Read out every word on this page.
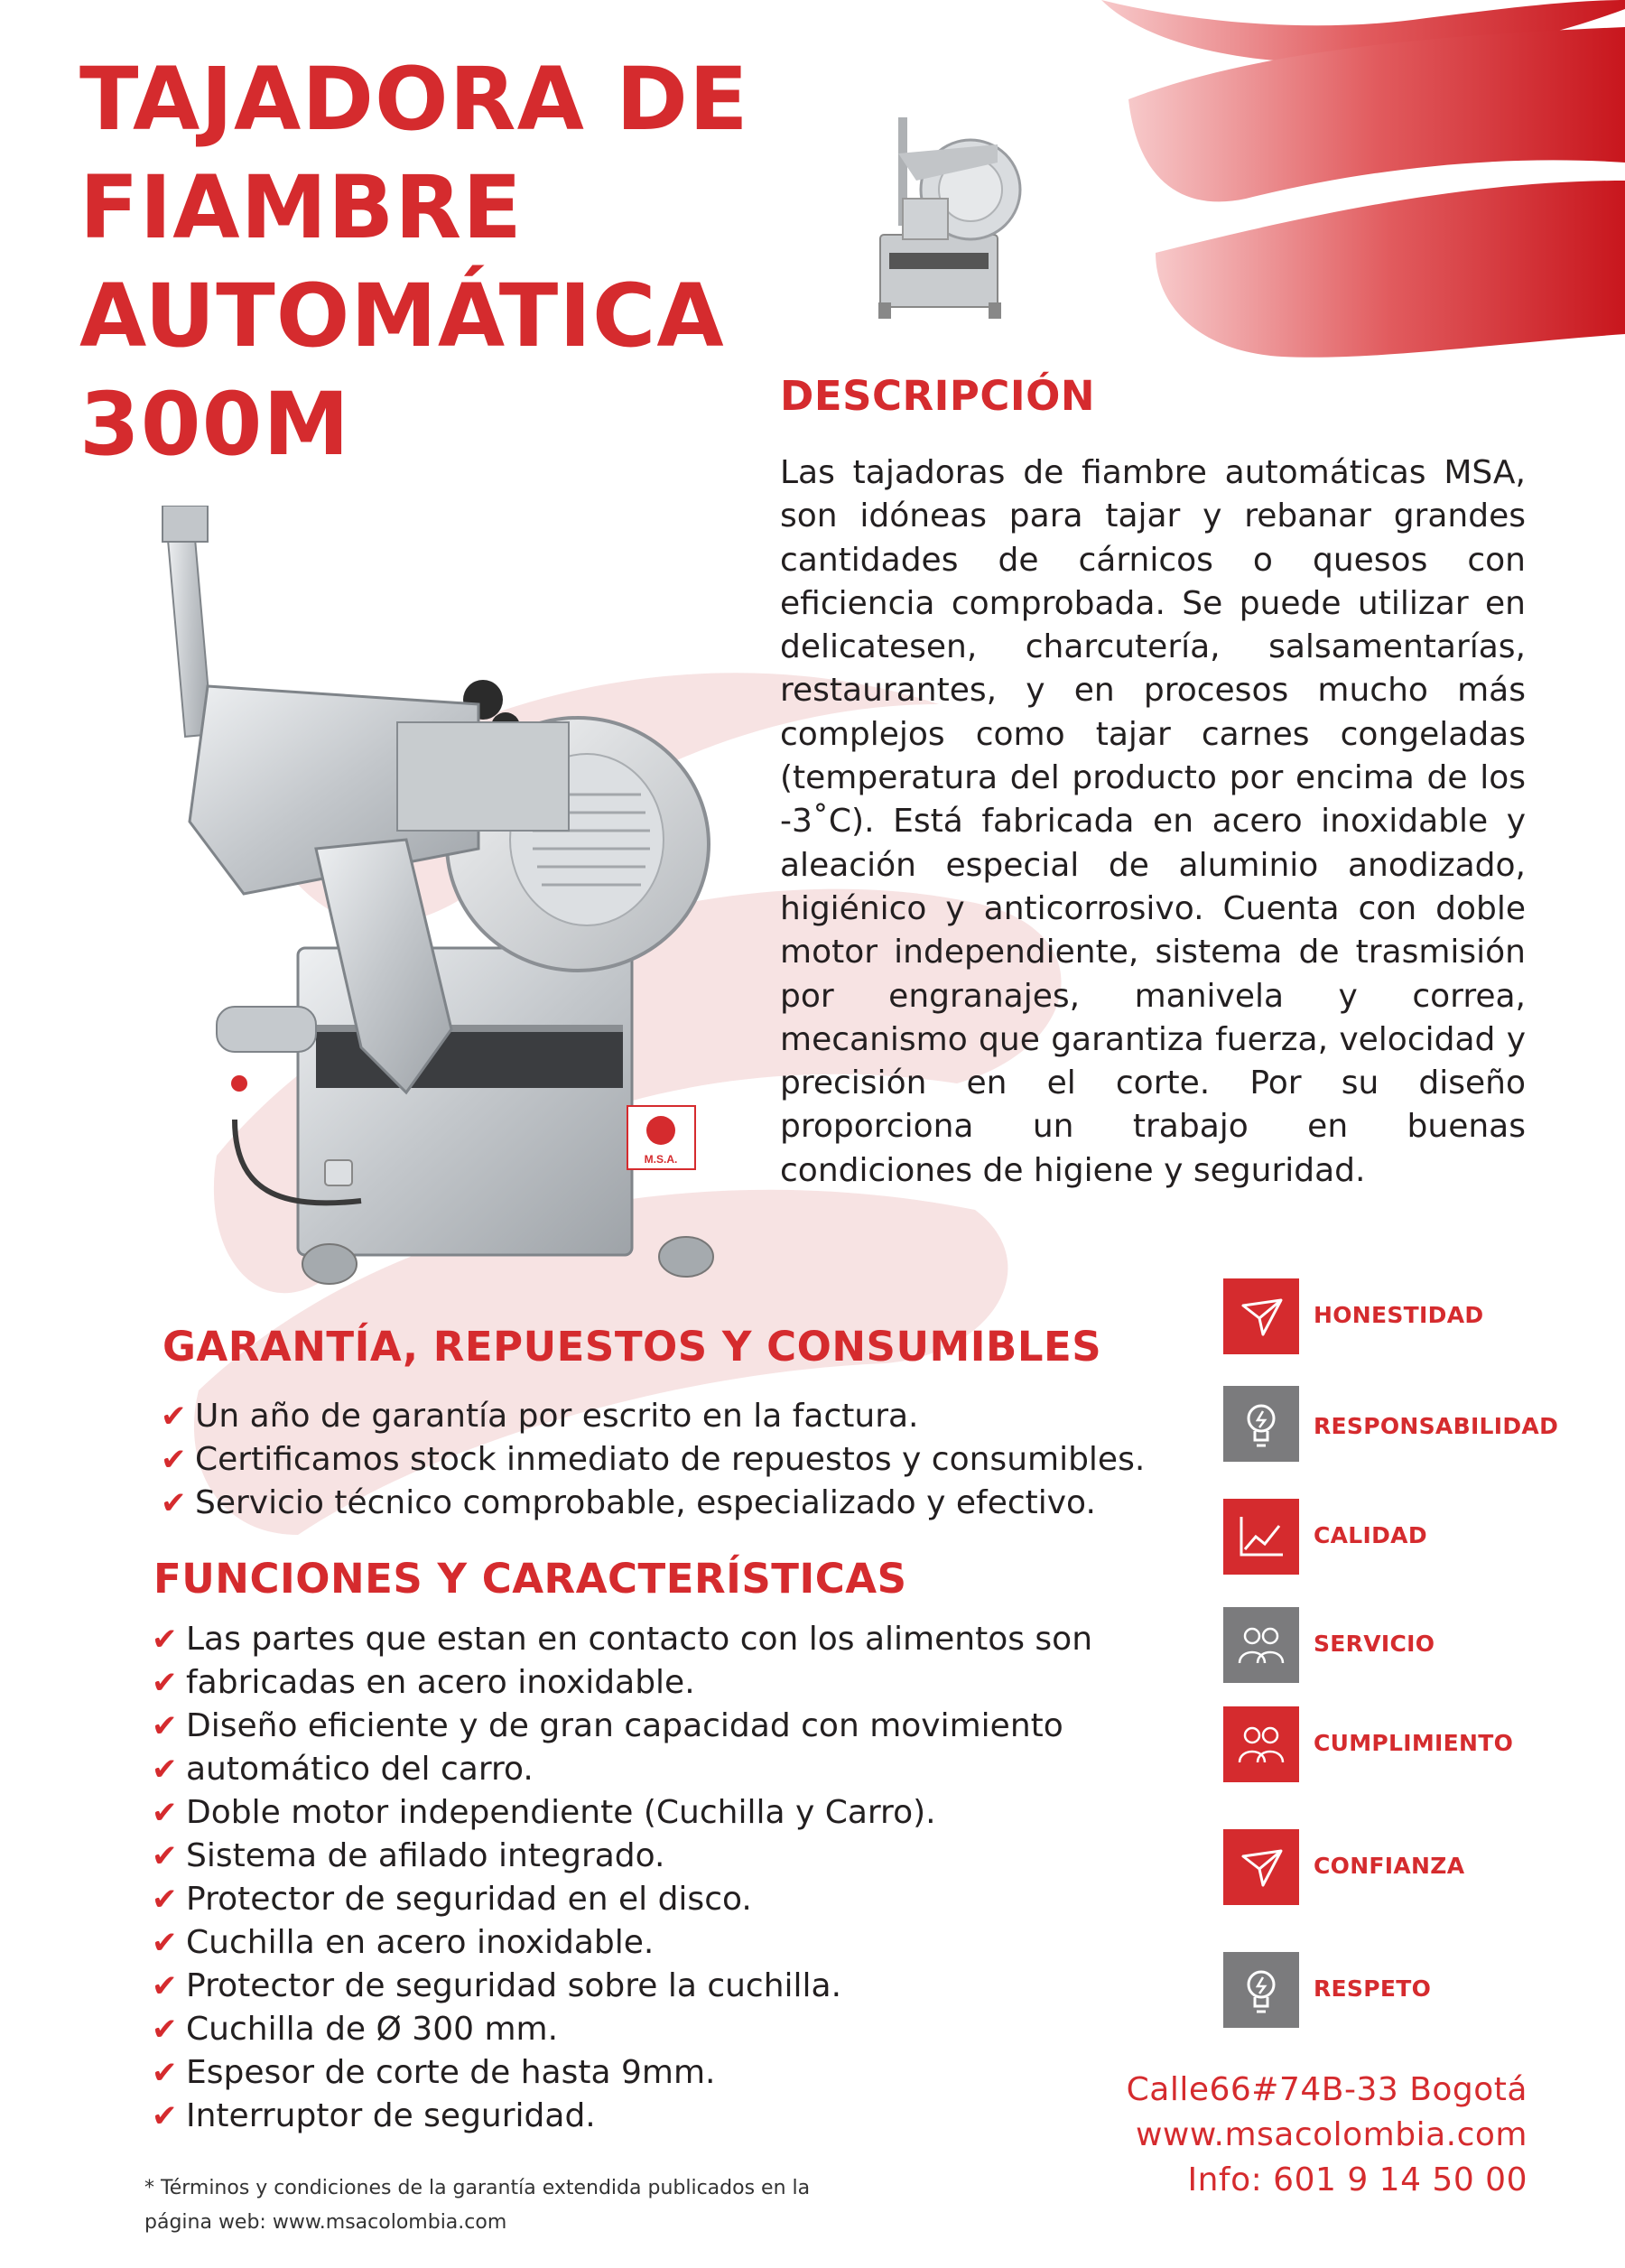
TAJADORA DE
FIAMBRE
AUTOMÁTICA
300M
M.S.A.
DESCRIPCIÓN

Las tajadoras de fiambre automáticas MSA, son idóneas para tajar y rebanar grandes cantidades de cárnicos o quesos con eficiencia comprobada. Se puede utilizar en delicatesen, charcutería, salsamentarías, restaurantes, y en procesos mucho más complejos como tajar carnes congeladas (temperatura del producto por encima de los -3˚C). Está fabricada en acero inoxidable y aleación especial de aluminio anodizado, higiénico y anticorrosivo. Cuenta con doble motor independiente, sistema de trasmisión por engranajes, manivela y correa, mecanismo que garantiza fuerza, velocidad y precisión en el corte. Por su diseño proporciona un trabajo en buenas condiciones de higiene y seguridad.

GARANTÍA, REPUESTOS Y CONSUMIBLES
✔ Un año de garantía por escrito en la factura.
✔ Certificamos stock inmediato de repuestos y consumibles.
✔ Servicio técnico comprobable, especializado y efectivo.
FUNCIONES Y CARACTERÍSTICAS
✔ Las partes que estan en contacto con los alimentos son
✔ fabricadas en acero inoxidable.
✔ Diseño eficiente y de gran capacidad con movimiento
✔ automático del carro.
✔ Doble motor independiente (Cuchilla y Carro).
✔ Sistema de afilado integrado.
✔ Protector de seguridad en el disco.
✔ Cuchilla en acero inoxidable.
✔ Protector de seguridad sobre la cuchilla.
✔ Cuchilla de Ø 300 mm.
✔ Espesor de corte de hasta 9mm.
✔ Interruptor de seguridad.
HONESTIDAD
RESPONSABILIDAD
CALIDAD
SERVICIO
CUMPLIMIENTO
CONFIANZA
RESPETO
Calle66#74B-33 Bogotá
www.msacolombia.com
Info: 601 9 14 50 00
* Términos y condiciones de la garantía extendida publicados en la
página web: www.msacolombia.com
